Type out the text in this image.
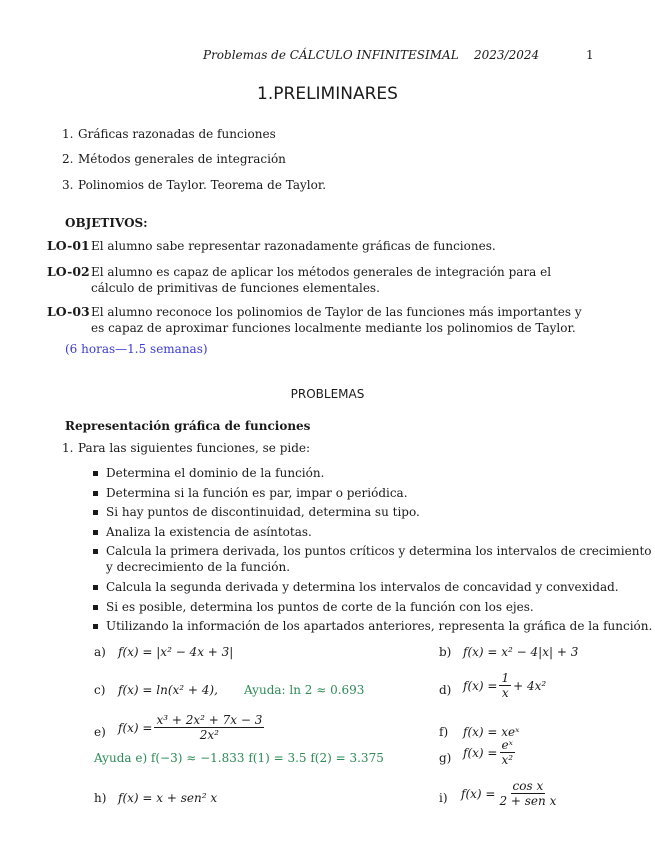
Problemas de CÁLCULO INFINITESIMAL 2023/2024	1
1.PRELIMINARES
1. Gráficas razonadas de funciones
2. Métodos generales de integración
3. Polinomios de Taylor. Teorema de Taylor.
OBJETIVOS:
LO-01 El alumno sabe representar razonadamente gráficas de funciones.
LO-02 El alumno es capaz de aplicar los métodos generales de integración para el cálculo de primitivas de funciones elementales.
LO-03 El alumno reconoce los polinomios de Taylor de las funciones más importantes y es capaz de aproximar funciones localmente mediante los polinomios de Taylor.
(6 horas—1.5 semanas)
PROBLEMAS
Representación gráfica de funciones
1. Para las siguientes funciones, se pide:
Determina el dominio de la función.
Determina si la función es par, impar o periódica.
Si hay puntos de discontinuidad, determina su tipo.
Analiza la existencia de asíntotas.
Calcula la primera derivada, los puntos críticos y determina los intervalos de crecimiento
y decrecimiento de la función.
Calcula la segunda derivada y determina los intervalos de concavidad y convexidad.
Si es posible, determina los puntos de corte de la función con los ejes.
Utilizando la información de los apartados anteriores, representa la gráfica de la función.
a) f(x) = |x² − 4x + 3|	b) f(x) = x² − 4|x| + 3
c) f(x) = ln(x² + 4), Ayuda: ln 2 ≈ 0.693	d) $f(x) = \frac{1}{x} + 4x^2$
e) $f(x) = \frac{\text{x³ + 2x² + 7x − 3}}{\text{2x²}}$	f) f(x) = xeˣ
Ayuda e) f(−3) ≈ −1.833 f(1) = 3.5 f(2) = 3.375	g) $f(x) = \frac{\text{eˣ}}{\text{x²}}$
h) f(x) = x + sen² x	i) $f(x) = \frac{\text{cos x}}{\text{2 + sen x}}$
